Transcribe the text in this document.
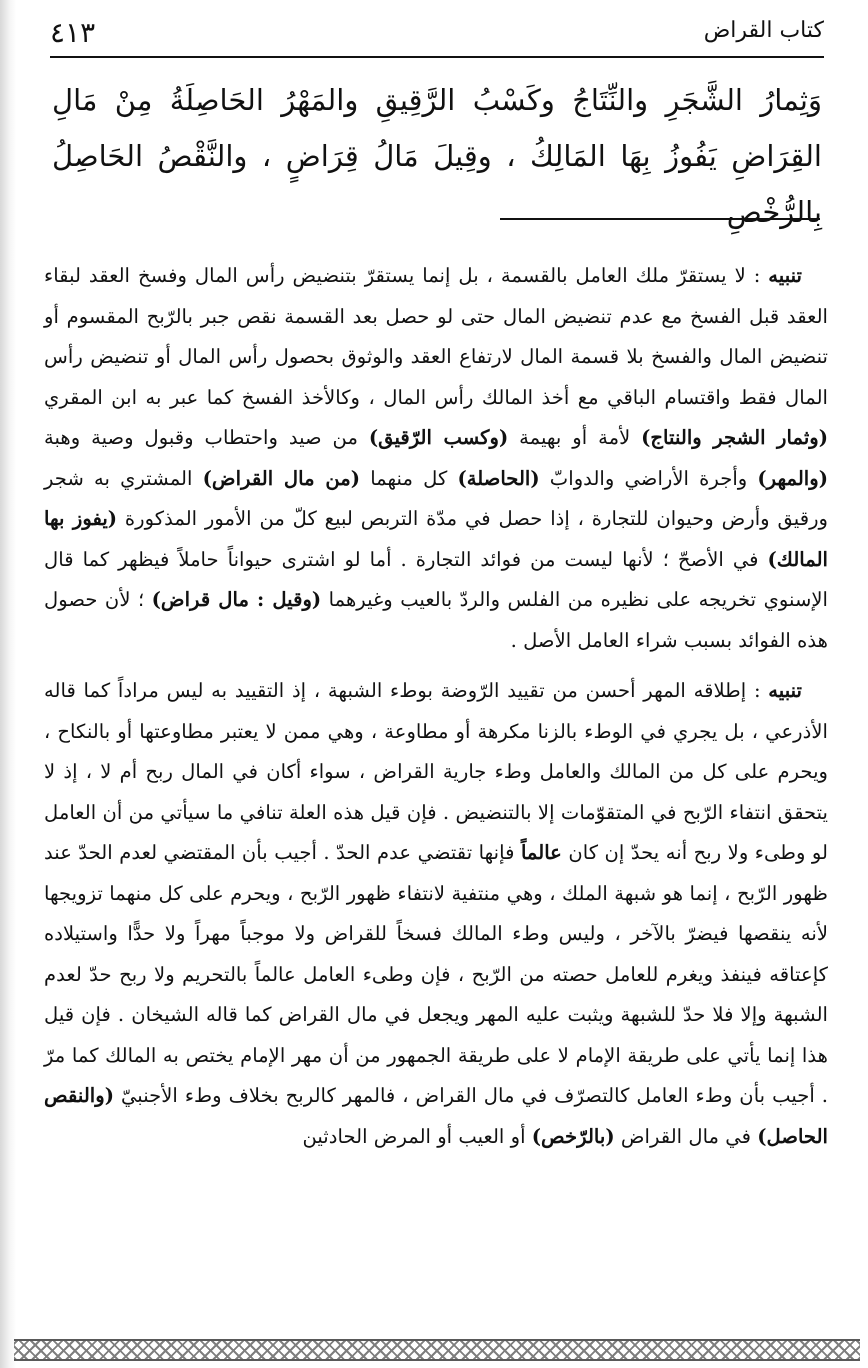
كتاب القراض
٤١٣

وَثِمارُ الشَّجَرِ والنِّتَاجُ وكَسْبُ الرَّقِيقِ والمَهْرُ الحَاصِلَةُ مِنْ مَالِ القِرَاضِ يَفُوزُ بِهَا المَالِكُ ، وقِيلَ مَالُ قِرَاضٍ ، والنَّقْصُ الحَاصِلُ بِالرُّخْصِ

تنبيه : لا يستقرّ ملك العامل بالقسمة ، بل إنما يستقرّ بتنضيض رأس المال وفسخ العقد لبقاء العقد قبل الفسخ مع عدم تنضيض المال حتى لو حصل بعد القسمة نقص جبر بالرّبح المقسوم أو تنضيض المال والفسخ بلا قسمة المال لارتفاع العقد والوثوق بحصول رأس المال أو تنضيض رأس المال فقط واقتسام الباقي مع أخذ المالك رأس المال ، وكالأخذ الفسخ كما عبر به ابن المقري (وثمار الشجر والنتاج) لأمة أو بهيمة (وكسب الرّقيق) من صيد واحتطاب وقبول وصية وهبة (والمهر) وأجرة الأراضي والدوابّ (الحاصلة) كل منهما (من مال القراض) المشتري به شجر ورقيق وأرض وحيوان للتجارة ، إذا حصل في مدّة التربص لبيع كلّ من الأمور المذكورة (يفوز بها المالك) في الأصحّ ؛ لأنها ليست من فوائد التجارة . أما لو اشترى حيواناً حاملاً فيظهر كما قال الإسنوي تخريجه على نظيره من الفلس والردّ بالعيب وغيرهما (وقيل : مال قراض) ؛ لأن حصول هذه الفوائد بسبب شراء العامل الأصل .

تنبيه : إطلاقه المهر أحسن من تقييد الرّوضة بوطء الشبهة ، إذ التقييد به ليس مراداً كما قاله الأذرعي ، بل يجري في الوطء بالزنا مكرهة أو مطاوعة ، وهي ممن لا يعتبر مطاوعتها أو بالنكاح ، ويحرم على كل من المالك والعامل وطء جارية القراض ، سواء أكان في المال ربح أم لا ، إذ لا يتحقق انتفاء الرّبح في المتقوّمات إلا بالتنضيض . فإن قيل هذه العلة تنافي ما سيأتي من أن العامل لو وطىء ولا ربح أنه يحدّ إن كان عالماً فإنها تقتضي عدم الحدّ . أجيب بأن المقتضي لعدم الحدّ عند ظهور الرّبح ، إنما هو شبهة الملك ، وهي منتفية لانتفاء ظهور الرّبح ، ويحرم على كل منهما تزويجها لأنه ينقصها فيضرّ بالآخر ، وليس وطء المالك فسخاً للقراض ولا موجباً مهراً ولا حدًّا واستيلاده كإعتاقه فينفذ ويغرم للعامل حصته من الرّبح ، فإن وطىء العامل عالماً بالتحريم ولا ربح حدّ لعدم الشبهة وإلا فلا حدّ للشبهة ويثبت عليه المهر ويجعل في مال القراض كما قاله الشيخان . فإن قيل هذا إنما يأتي على طريقة الإمام لا على طريقة الجمهور من أن مهر الإمام يختص به المالك كما مرّ . أجيب بأن وطء العامل كالتصرّف في مال القراض ، فالمهر كالربح بخلاف وطء الأجنبيّ (والنقص الحاصل) في مال القراض (بالرّخص) أو العيب أو المرض الحادثين
